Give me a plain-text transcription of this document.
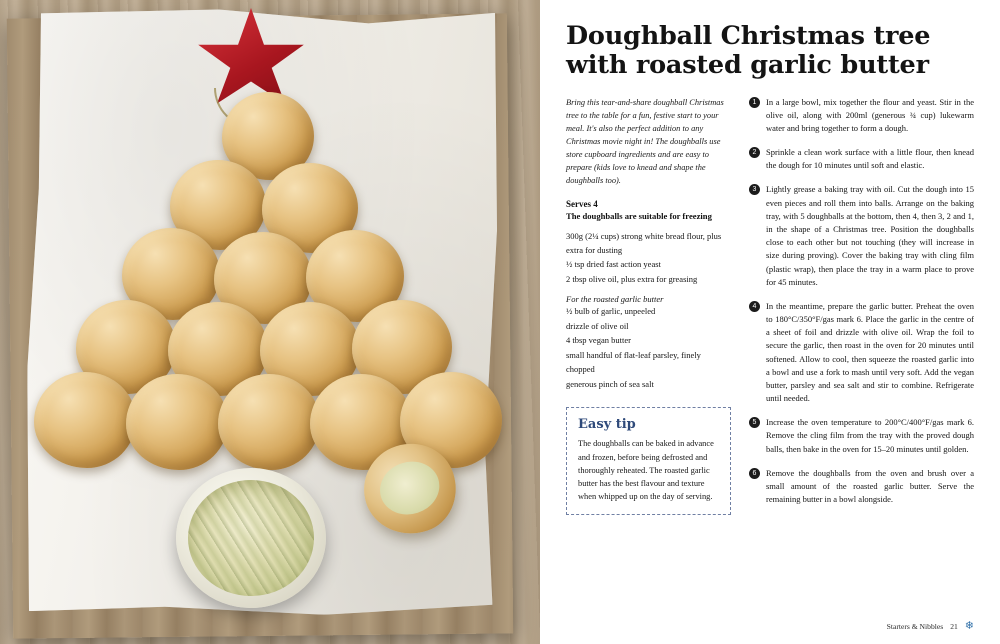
Doughball Christmas tree with roasted garlic butter

Bring this tear-and-share doughball Christmas tree to the table for a fun, festive start to your meal. It's also the perfect addition to any Christmas movie night in! The doughballs use store cupboard ingredients and are easy to prepare (kids love to knead and shape the doughballs too).

Serves 4

The doughballs are suitable for freezing

300g (2¼ cups) strong white bread flour, plus extra for dusting
½ tsp dried fast action yeast
2 tbsp olive oil, plus extra for greasing

For the roasted garlic butter

½ bulb of garlic, unpeeled
drizzle of olive oil
4 tbsp vegan butter
small handful of flat-leaf parsley, finely chopped
generous pinch of sea salt

Easy tip

The doughballs can be baked in advance and frozen, before being defrosted and thoroughly reheated. The roasted garlic butter has the best flavour and texture when whipped up on the day of serving.

1	In a large bowl, mix together the flour and yeast. Stir in the olive oil, along with 200ml (generous ¾ cup) lukewarm water and bring together to form a dough.
2	Sprinkle a clean work surface with a little flour, then knead the dough for 10 minutes until soft and elastic.
3	Lightly grease a baking tray with oil. Cut the dough into 15 even pieces and roll them into balls. Arrange on the baking tray, with 5 doughballs at the bottom, then 4, then 3, 2 and 1, in the shape of a Christmas tree. Position the doughballs close to each other but not touching (they will increase in size during proving). Cover the baking tray with cling film (plastic wrap), then place the tray in a warm place to prove for 45 minutes.
4	In the meantime, prepare the garlic butter. Preheat the oven to 180°C/350°F/gas mark 6. Place the garlic in the centre of a sheet of foil and drizzle with olive oil. Wrap the foil to secure the garlic, then roast in the oven for 20 minutes until softened. Allow to cool, then squeeze the roasted garlic into a bowl and use a fork to mash until very soft. Add the vegan butter, parsley and sea salt and stir to combine. Refrigerate until needed.
5	Increase the oven temperature to 200°C/400°F/gas mark 6. Remove the cling film from the tray with the proved dough balls, then bake in the oven for 15–20 minutes until golden.
6	Remove the doughballs from the oven and brush over a small amount of the roasted garlic butter. Serve the remaining butter in a bowl alongside.
Starters & Nibbles 21 ❄
